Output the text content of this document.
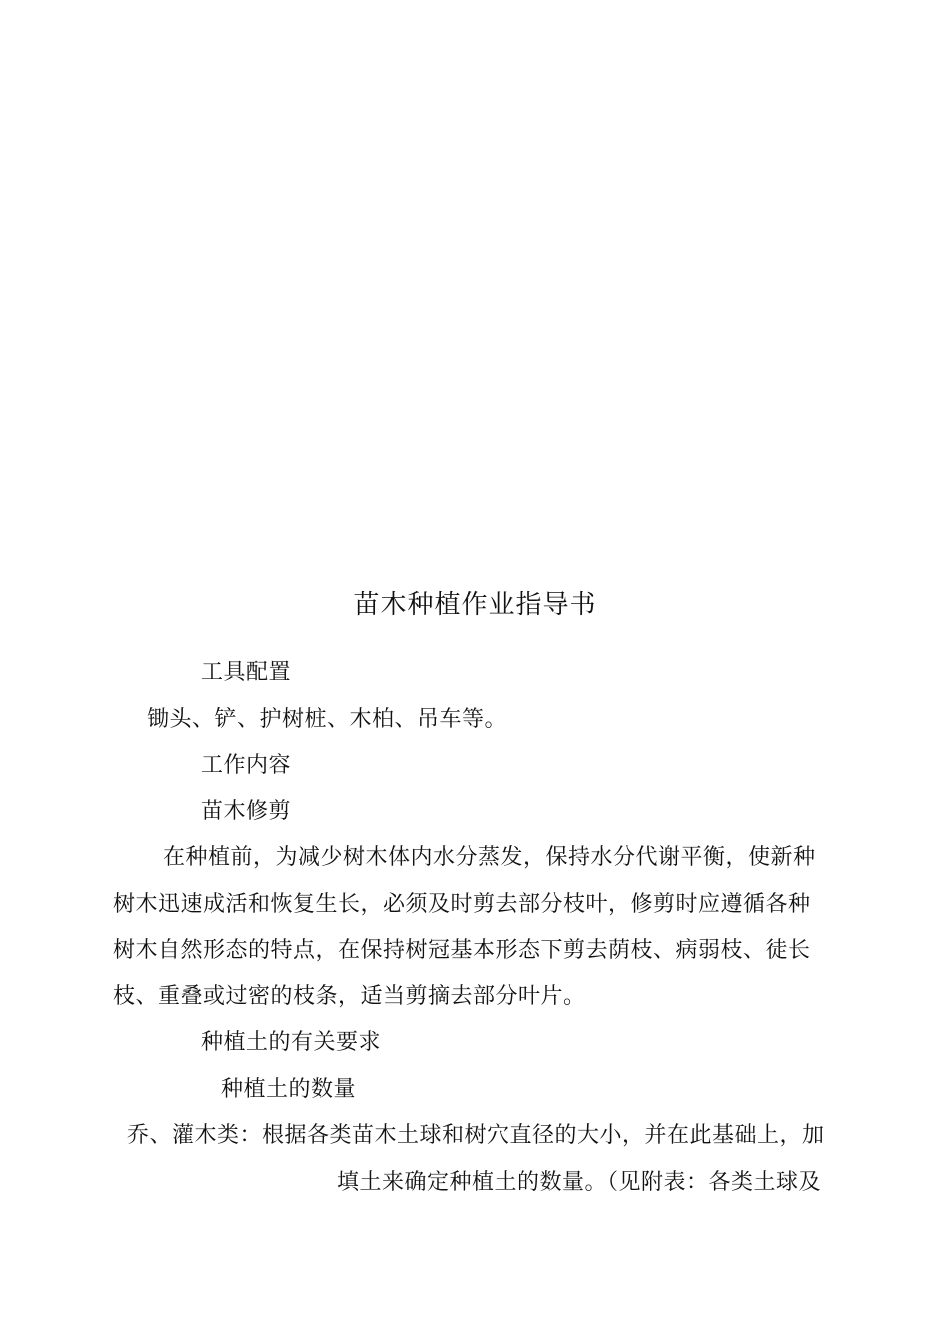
苗木种植作业指导书
工具配置
锄头、铲、护树桩、木柏、吊车等。
工作内容
苗木修剪
在种植前，为减少树木体内水分蒸发，保持水分代谢平衡，使新种
树木迅速成活和恢复生长，必须及时剪去部分枝叶，修剪时应遵循各种
树木自然形态的特点，在保持树冠基本形态下剪去荫枝、病弱枝、徒长
枝、重叠或过密的枝条，适当剪摘去部分叶片。
种植土的有关要求
种植土的数量
乔、灌木类：根据各类苗木土球和树穴直径的大小，并在此基础上，加
填土来确定种植土的数量。（见附表：各类土球及
